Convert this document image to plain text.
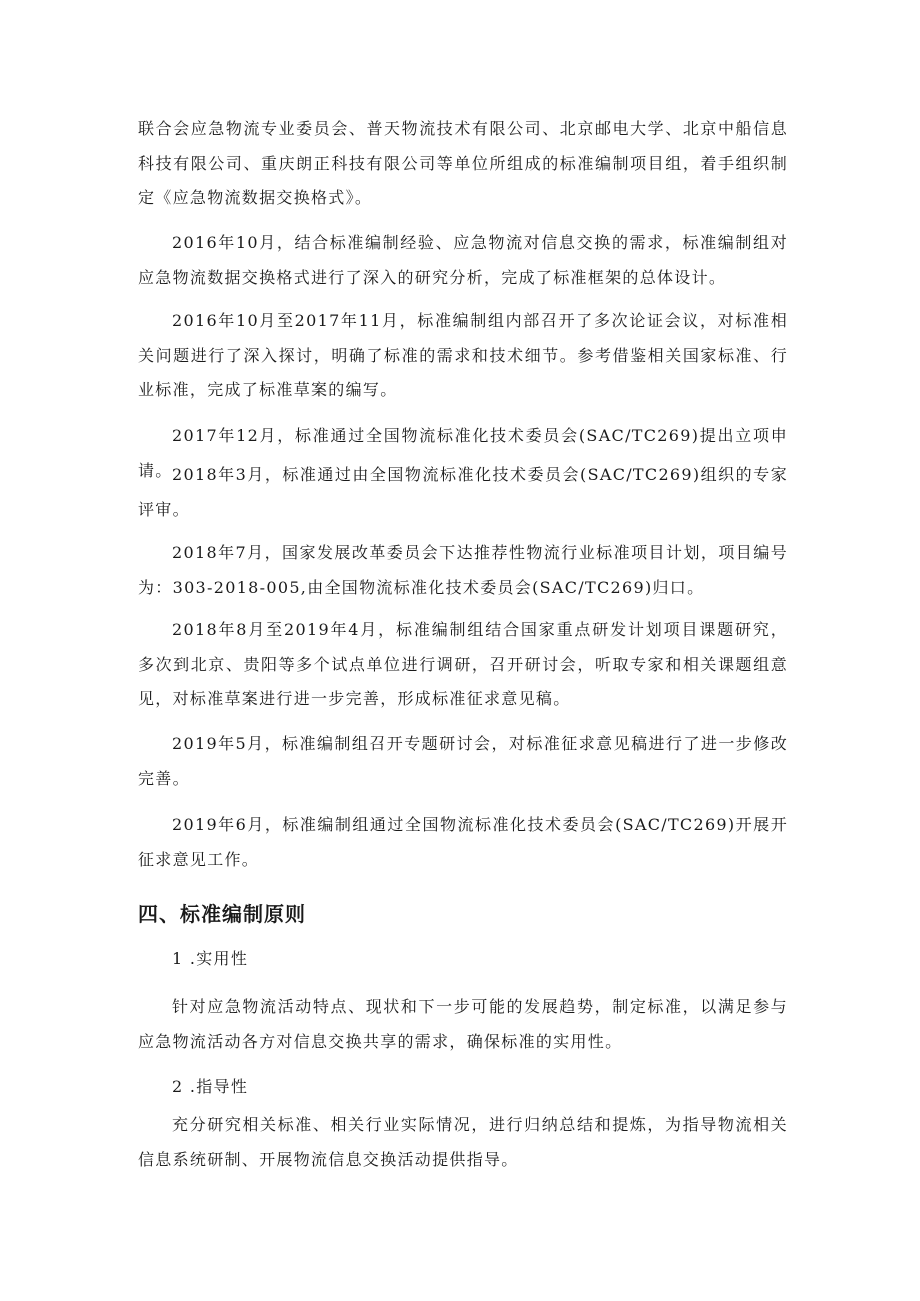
联合会应急物流专业委员会、普天物流技术有限公司、北京邮电大学、北京中船信息科技有限公司、重庆朗正科技有限公司等单位所组成的标准编制项目组，着手组织制定《应急物流数据交换格式》。

2016年10月，结合标准编制经验、应急物流对信息交换的需求，标准编制组对应急物流数据交换格式进行了深入的研究分析，完成了标准框架的总体设计。

2016年10月至2017年11月，标准编制组内部召开了多次论证会议，对标准相关问题进行了深入探讨，明确了标准的需求和技术细节。参考借鉴相关国家标准、行业标准，完成了标准草案的编写。

2017年12月，标准通过全国物流标准化技术委员会(SAC/TC269)提出立项申请。 2018年3月，标准通过由全国物流标准化技术委员会(SAC/TC269)组织的专家评审。

2018年7月，国家发展改革委员会下达推荐性物流行业标准项目计划，项目编号为：303-2018-005,由全国物流标准化技术委员会(SAC/TC269)归口。

2018年8月至2019年4月，标准编制组结合国家重点研发计划项目课题研究，多次到北京、贵阳等多个试点单位进行调研，召开研讨会，听取专家和相关课题组意见，对标准草案进行进一步完善，形成标准征求意见稿。

2019年5月，标准编制组召开专题研讨会，对标准征求意见稿进行了进一步修改完善。

2019年6月，标准编制组通过全国物流标准化技术委员会(SAC/TC269)开展开征求意见工作。

四、标准编制原则

1 .实用性

针对应急物流活动特点、现状和下一步可能的发展趋势，制定标准，以满足参与应急物流活动各方对信息交换共享的需求，确保标准的实用性。

2 .指导性

充分研究相关标准、相关行业实际情况，进行归纳总结和提炼，为指导物流相关信息系统研制、开展物流信息交换活动提供指导。
